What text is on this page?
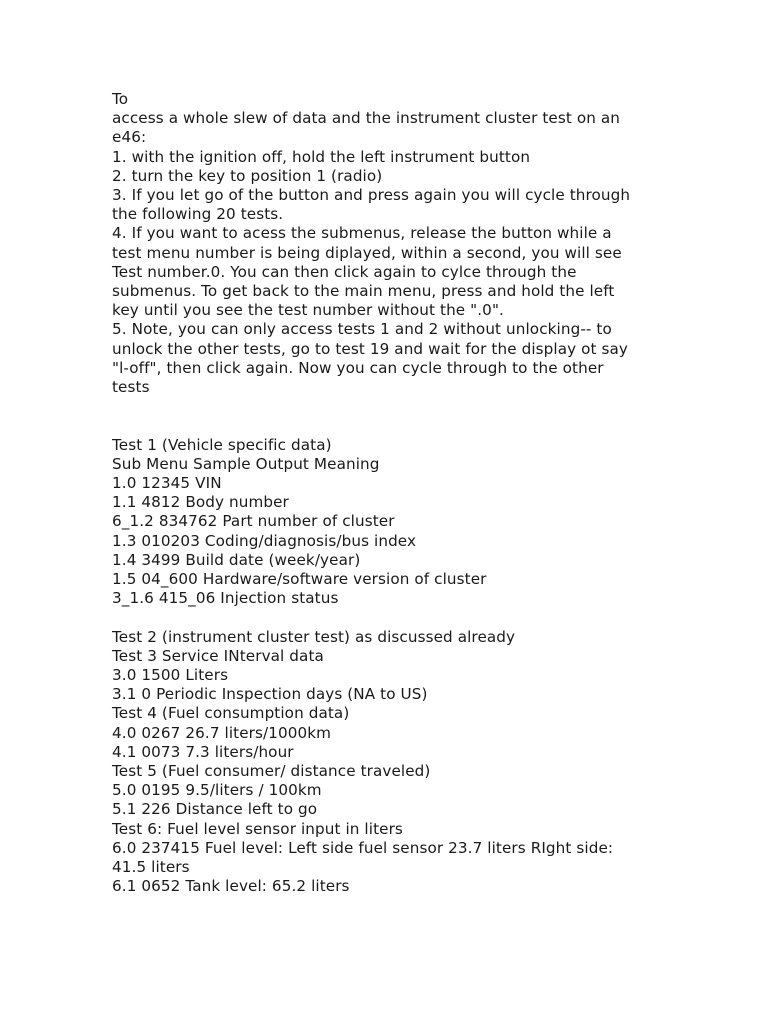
To
access a whole slew of data and the instrument cluster test on an
e46:
1. with the ignition off, hold the left instrument button
2. turn the key to position 1 (radio)
3. If you let go of the button and press again you will cycle through
the following 20 tests.
4. If you want to acess the submenus, release the button while a
test menu number is being diplayed, within a second, you will see
Test number.0. You can then click again to cylce through the
submenus. To get back to the main menu, press and hold the left
key until you see the test number without the ".0".
5. Note, you can only access tests 1 and 2 without unlocking-- to
unlock the other tests, go to test 19 and wait for the display ot say
"l-off", then click again. Now you can cycle through to the other
tests
Test 1 (Vehicle specific data)
Sub Menu Sample Output Meaning
1.0 12345 VIN
1.1 4812 Body number
6_1.2 834762 Part number of cluster
1.3 010203 Coding/diagnosis/bus index
1.4 3499 Build date (week/year)
1.5 04_600 Hardware/software version of cluster
3_1.6 415_06 Injection status
Test 2 (instrument cluster test) as discussed already
Test 3 Service INterval data
3.0 1500 Liters
3.1 0 Periodic Inspection days (NA to US)
Test 4 (Fuel consumption data)
4.0 0267 26.7 liters/1000km
4.1 0073 7.3 liters/hour
Test 5 (Fuel consumer/ distance traveled)
5.0 0195 9.5/liters / 100km
5.1 226 Distance left to go
Test 6: Fuel level sensor input in liters
6.0 237415 Fuel level: Left side fuel sensor 23.7 liters RIght side:
41.5 liters
6.1 0652 Tank level: 65.2 liters
